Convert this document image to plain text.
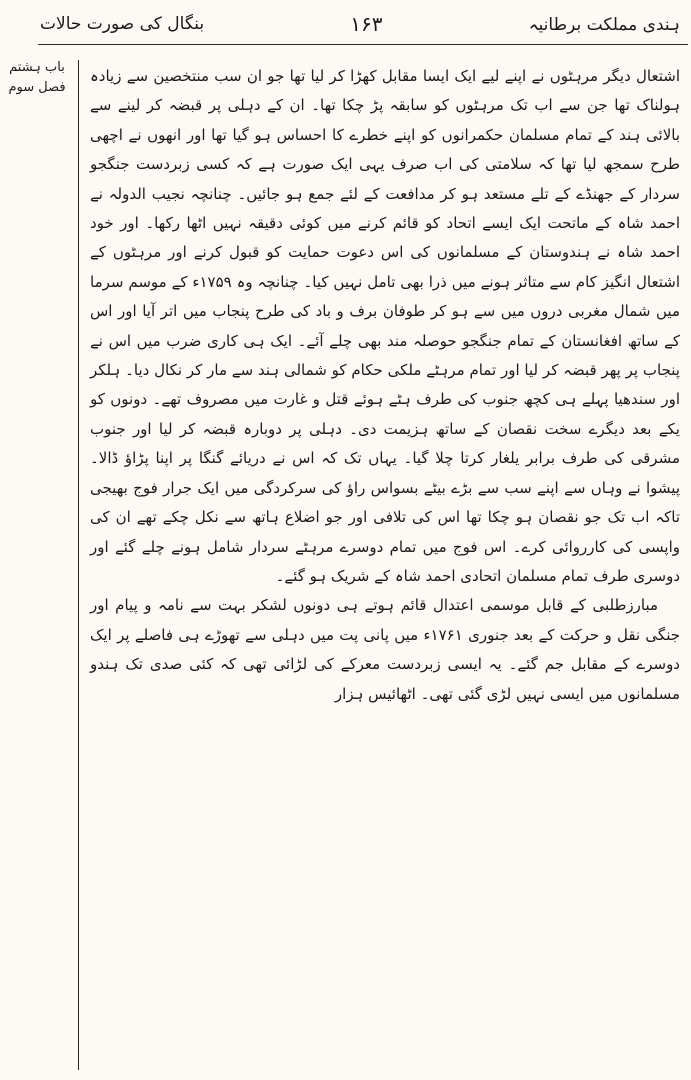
ہندی مملکت برطانیہ
۱۶۳
بنگال کی صورت حالات
باب ہشتم
فصل سوم

اشتعال دیگر مرہٹوں نے اپنے لیے ایک ایسا مقابل کھڑا کر لیا تھا جو ان سب منتخصین سے زیادہ ہولناک تھا جن سے اب تک مرہٹوں کو سابقہ پڑ چکا تھا۔ ان کے دہلی پر قبضہ کر لینے سے بالائی ہند کے تمام مسلمان حکمرانوں کو اپنے خطرے کا احساس ہو گیا تھا اور انھوں نے اچھی طرح سمجھ لیا تھا کہ سلامتی کی اب صرف یہی ایک صورت ہے کہ کسی زبردست جنگجو سردار کے جھنڈے کے تلے مستعد ہو کر مدافعت کے لئے جمع ہو جائیں۔ چنانچہ نجیب الدولہ نے احمد شاہ کے ماتحت ایک ایسے اتحاد کو قائم کرنے میں کوئی دقیقہ نہیں اٹھا رکھا۔ اور خود احمد شاہ نے ہندوستان کے مسلمانوں کی اس دعوت حمایت کو قبول کرنے اور مرہٹوں کے اشتعال انگیز کام سے متاثر ہونے میں ذرا بھی تامل نہیں کیا۔ چنانچہ وہ ۱۷۵۹ء کے موسم سرما میں شمال مغربی دروں میں سے ہو کر طوفان برف و باد کی طرح پنجاب میں اتر آیا اور اس کے ساتھ افغانستان کے تمام جنگجو حوصلہ مند بھی چلے آئے۔ ایک ہی کاری ضرب میں اس نے پنجاب پر پھر قبضہ کر لیا اور تمام مرہٹے ملکی حکام کو شمالی ہند سے مار کر نکال دیا۔ ہلکر اور سندھیا پہلے ہی کچھ جنوب کی طرف ہٹے ہوئے قتل و غارت میں مصروف تھے۔ دونوں کو یکے بعد دیگرے سخت نقصان کے ساتھ ہزیمت دی۔ دہلی پر دوبارہ قبضہ کر لیا اور جنوب مشرقی کی طرف برابر یلغار کرتا چلا گیا۔ یہاں تک کہ اس نے دریائے گنگا پر اپنا پڑاؤ ڈالا۔ پیشوا نے وہاں سے اپنے سب سے بڑے بیٹے بسواس راؤ کی سرکردگی میں ایک جرار فوج بھیجی تاکہ اب تک جو نقصان ہو چکا تھا اس کی تلافی اور جو اضلاع ہاتھ سے نکل چکے تھے ان کی واپسی کی کارروائی کرے۔ اس فوج میں تمام دوسرے مرہٹے سردار شامل ہونے چلے گئے اور دوسری طرف تمام مسلمان اتحادی احمد شاہ کے شریک ہو گئے۔

مبارزطلبی کے قابل موسمی اعتدال قائم ہوتے ہی دونوں لشکر بہت سے نامہ و پیام اور جنگی نقل و حرکت کے بعد جنوری ۱۷۶۱ء میں پانی پت میں دہلی سے تھوڑے ہی فاصلے پر ایک دوسرے کے مقابل جم گئے۔ یہ ایسی زبردست معرکے کی لڑائی تھی کہ کئی صدی تک ہندو مسلمانوں میں ایسی نہیں لڑی گئی تھی۔ اٹھائیس ہزار
